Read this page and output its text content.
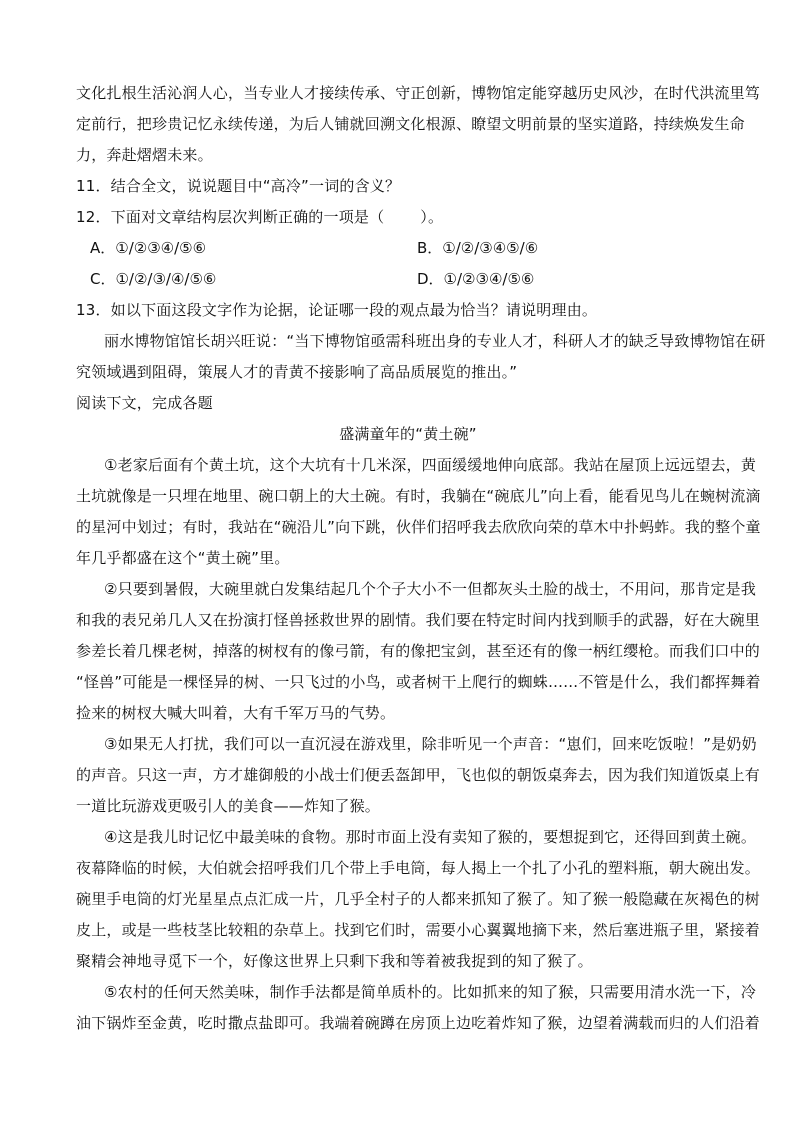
文化扎根生活沁润人心，当专业人才接续传承、守正创新，博物馆定能穿越历史风沙，在时代洪流里笃
定前行，把珍贵记忆永续传递，为后人铺就回溯文化根源、瞭望文明前景的坚实道路，持续焕发生命
力，奔赴熠熠未来。
11．结合全文，说说题目中“高冷”一词的含义？
12．下面对文章结构层次判断正确的一项是（ ）。
A．①/②③④/⑤⑥	B．①/②/③④⑤/⑥
C．①/②/③/④/⑤⑥	D．①/②③④/⑤⑥
13．如以下面这段文字作为论据，论证哪一段的观点最为恰当？请说明理由。
丽水博物馆馆长胡兴旺说：“当下博物馆亟需科班出身的专业人才，科研人才的缺乏导致博物馆在研
究领域遇到阻碍，策展人才的青黄不接影响了高品质展览的推出。”
阅读下文，完成各题
盛满童年的“黄土碗”
①老家后面有个黄土坑，这个大坑有十几米深，四面缓缓地伸向底部。我站在屋顶上远远望去，黄
土坑就像是一只埋在地里、碗口朝上的大土碗。有时，我躺在“碗底儿”向上看，能看见鸟儿在蜿树流滴
的星河中划过；有时，我站在“碗沿儿”向下跳，伙伴们招呼我去欣欣向荣的草木中扑蚂蚱。我的整个童
年几乎都盛在这个“黄土碗”里。
②只要到暑假，大碗里就白发集结起几个个子大小不一但都灰头土脸的战士，不用问，那肯定是我
和我的表兄弟几人又在扮演打怪兽拯救世界的剧情。我们要在特定时间内找到顺手的武器，好在大碗里
参差长着几棵老树，掉落的树杈有的像弓箭，有的像把宝剑，甚至还有的像一柄红缨枪。而我们口中的
“怪兽”可能是一棵怪异的树、一只飞过的小鸟，或者树干上爬行的蜘蛛……不管是什么，我们都挥舞着
捡来的树杈大喊大叫着，大有千军万马的气势。
③如果无人打扰，我们可以一直沉浸在游戏里，除非听见一个声音：“崽们，回来吃饭啦！”是奶奶
的声音。只这一声，方才雄御般的小战士们便丢盔卸甲，飞也似的朝饭桌奔去，因为我们知道饭桌上有
一道比玩游戏更吸引人的美食——炸知了猴。
④这是我儿时记忆中最美味的食物。那时市面上没有卖知了猴的，要想捉到它，还得回到黄土碗。
夜幕降临的时候，大伯就会招呼我们几个带上手电筒，每人揭上一个扎了小孔的塑料瓶，朝大碗出发。
碗里手电筒的灯光星星点点汇成一片，几乎全村子的人都来抓知了猴了。知了猴一般隐藏在灰褐色的树
皮上，或是一些枝茎比较粗的杂草上。找到它们时，需要小心翼翼地摘下来，然后塞进瓶子里，紧接着
聚精会神地寻觅下一个，好像这世界上只剩下我和等着被我捉到的知了猴了。
⑤农村的任何天然美味，制作手法都是简单质朴的。比如抓来的知了猴，只需要用清水洗一下，冷
油下锅炸至金黄，吃时撒点盐即可。我端着碗蹲在房顶上边吃着炸知了猴，边望着满载而归的人们沿着
